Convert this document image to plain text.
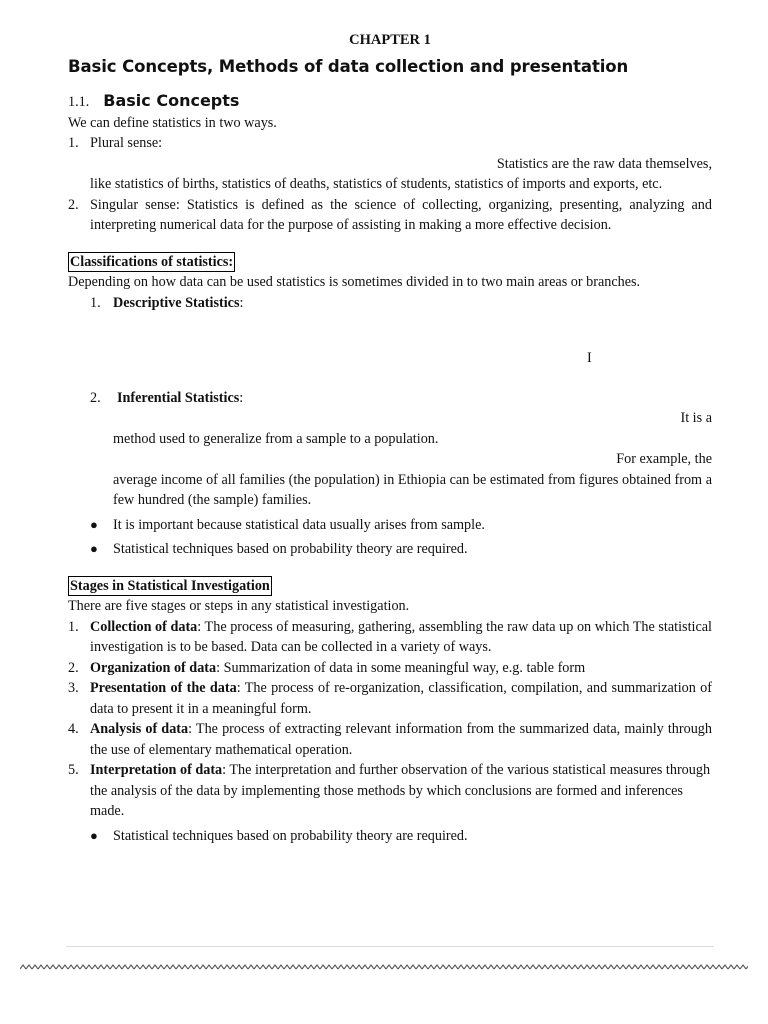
CHAPTER 1

Basic Concepts, Methods of data collection and presentation

1.1. Basic Concepts

We can define statistics in two ways.

1. Plural sense:
Statistics are the raw data themselves,
like statistics of births, statistics of deaths, statistics of students, statistics of imports and exports, etc.
2. Singular sense: Statistics is defined as the science of collecting, organizing, presenting, analyzing and interpreting numerical data for the purpose of assisting in making a more effective decision.
Classifications of statistics:

Depending on how data can be used statistics is sometimes divided in to two main areas or branches.

1. Descriptive Statistics:
I
2.	Inferential Statistics:
It is a
method used to generalize from a sample to a population.
For example, the
average income of all families (the population) in Ethiopia can be estimated from figures obtained from a few hundred (the sample) families.
●	It is important because statistical data usually arises from sample.
●	Statistical techniques based on probability theory are required.
Stages in Statistical Investigation

There are five stages or steps in any statistical investigation.

1. Collection of data: The process of measuring, gathering, assembling the raw data up on which The statistical investigation is to be based. Data can be collected in a variety of ways.
2. Organization of data: Summarization of data in some meaningful way, e.g. table form
3. Presentation of the data: The process of re-organization, classification, compilation, and summarization of data to present it in a meaningful form.
4. Analysis of data: The process of extracting relevant information from the summarized data, mainly through the use of elementary mathematical operation.
5. Interpretation of data: The interpretation and further observation of the various statistical measures through the analysis of the data by implementing those methods by which conclusions are formed and inferences made.
●	Statistical techniques based on probability theory are required.
